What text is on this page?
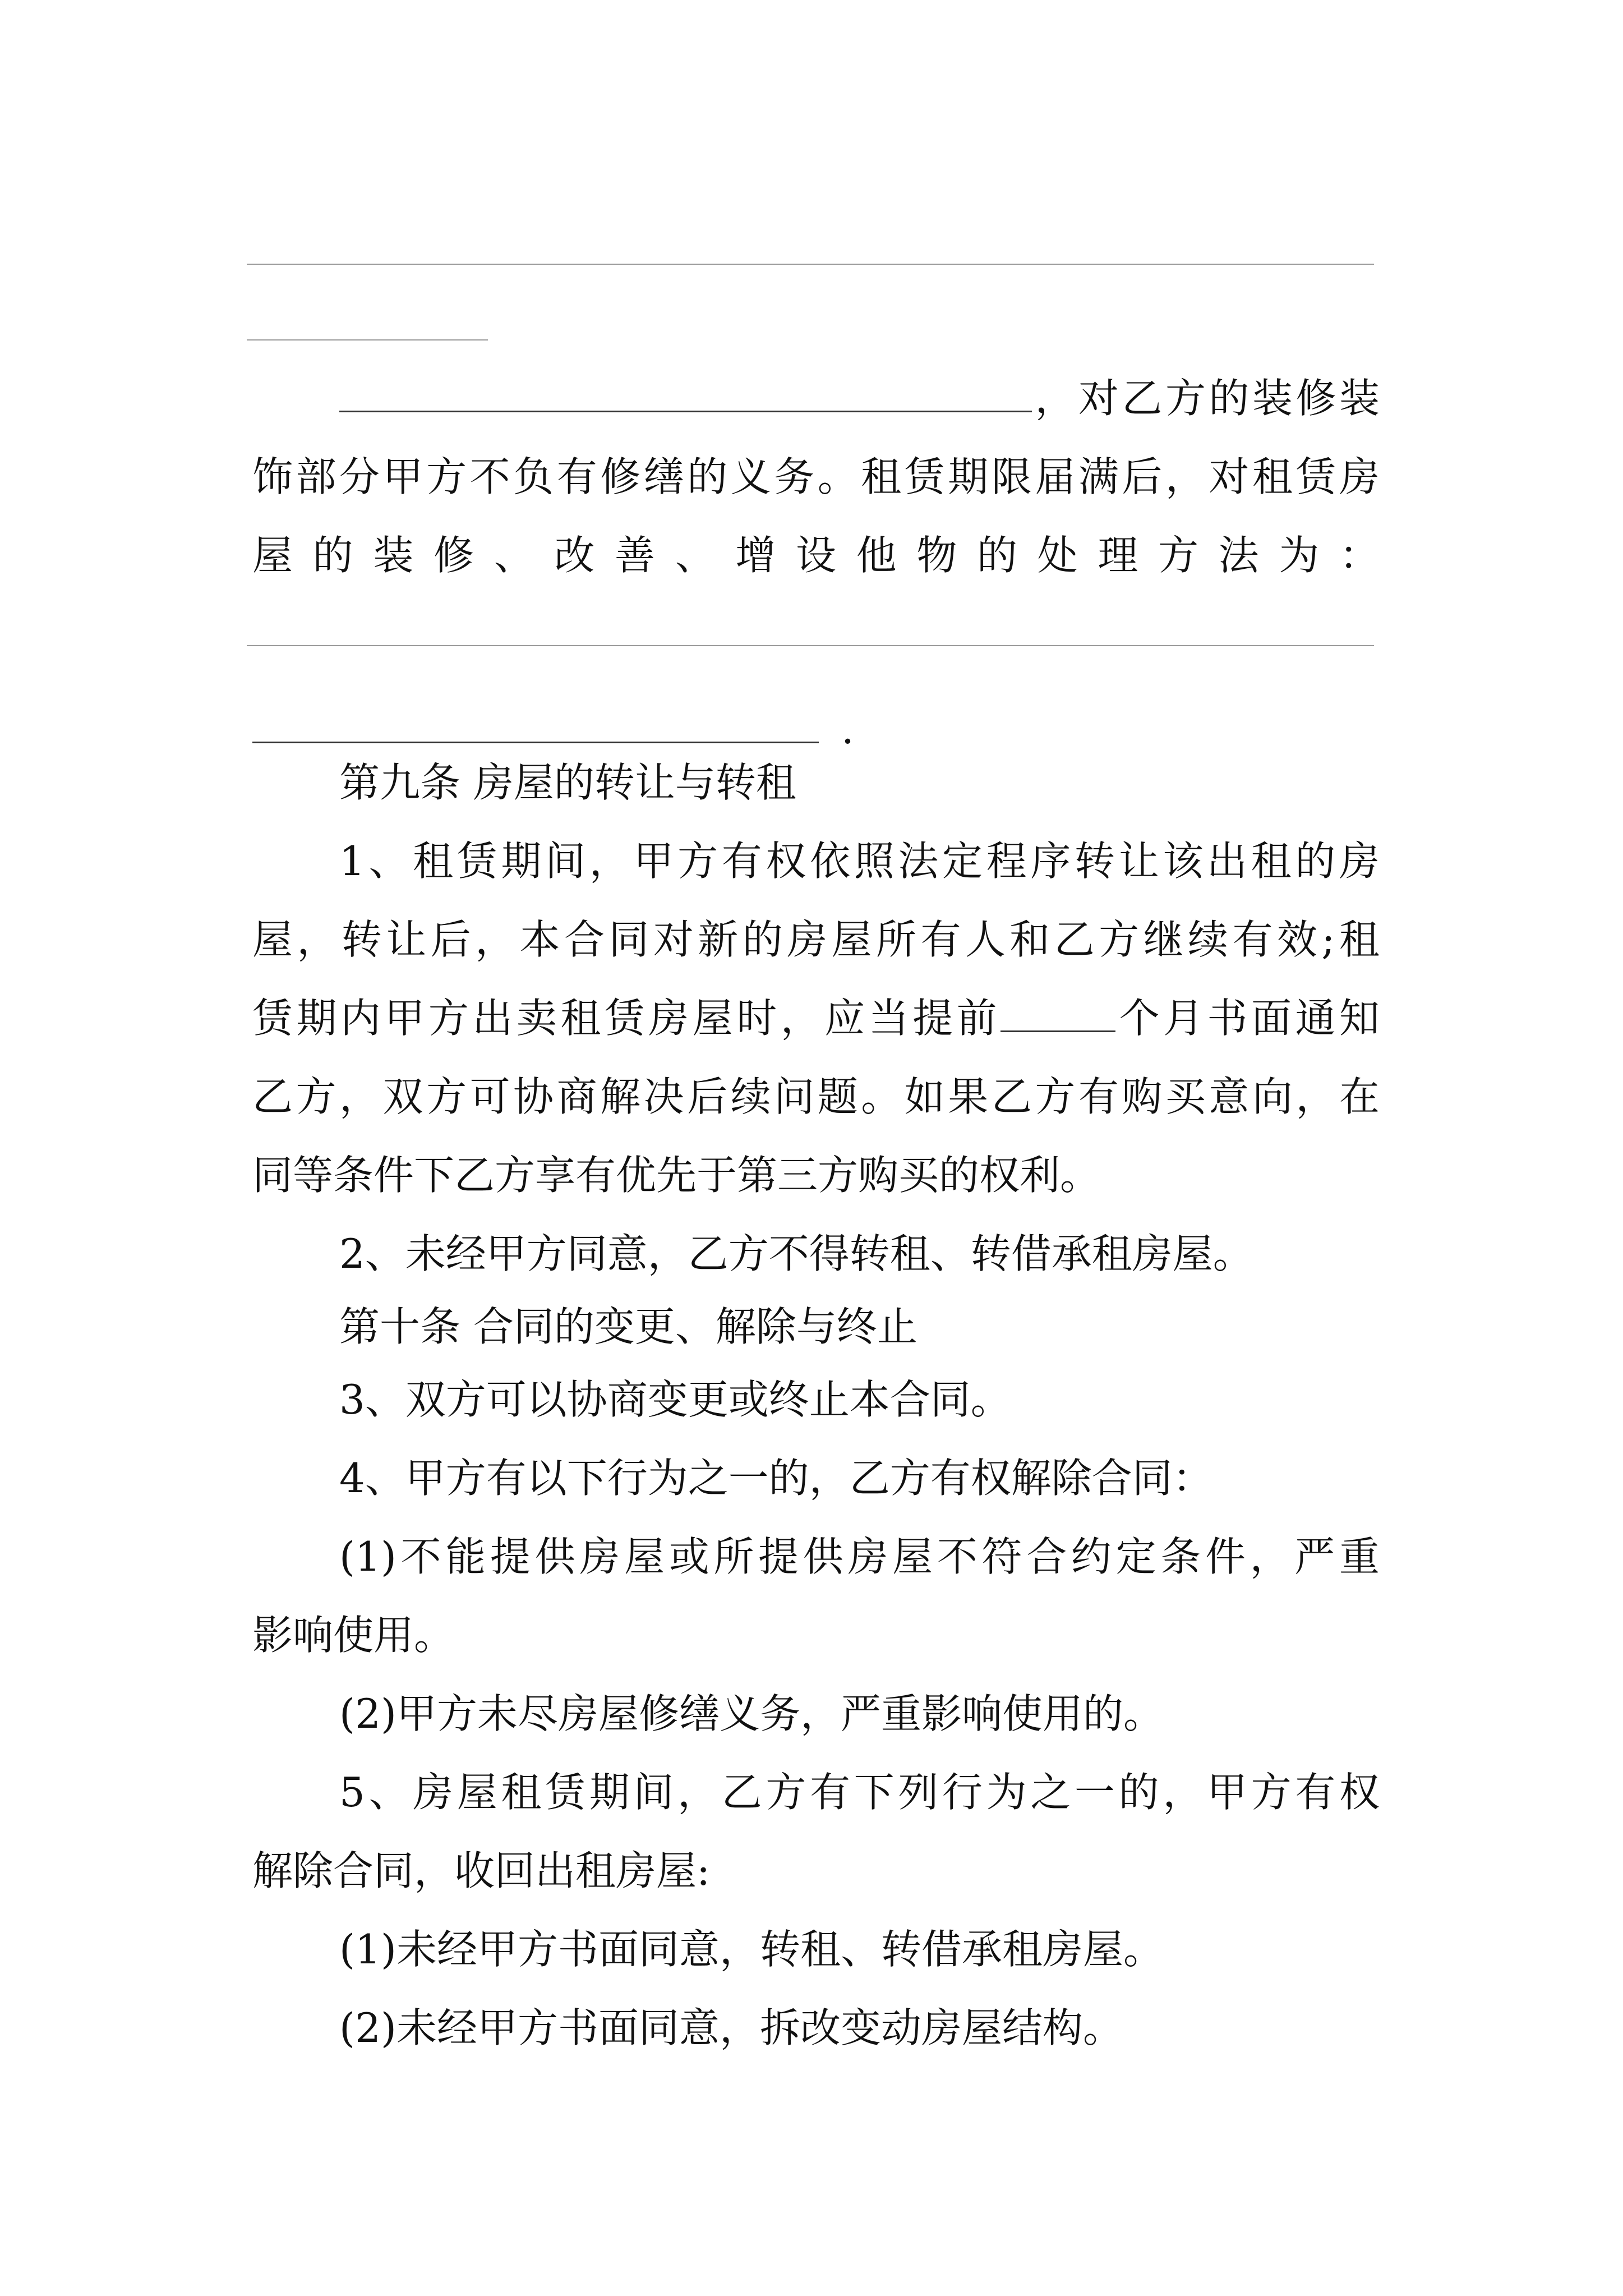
，对乙方的装修装
饰部分甲方不负有修缮的义务。租赁期限届满后，对租赁房
屋的装修、改善、增设他物的处理方法为：
.
第九条 房屋的转让与转租
1、租赁期间，甲方有权依照法定程序转让该出租的房
屋，转让后，本合同对新的房屋所有人和乙方继续有效;租
赁期内甲方出卖租赁房屋时，应当提前	个月书面通知
乙方，双方可协商解决后续问题。如果乙方有购买意向，在
同等条件下乙方享有优先于第三方购买的权利。
2、未经甲方同意，乙方不得转租、转借承租房屋。
第十条 合同的变更、解除与终止
3、双方可以协商变更或终止本合同。
4、甲方有以下行为之一的，乙方有权解除合同：
(1)不能提供房屋或所提供房屋不符合约定条件，严重
影响使用。
(2)甲方未尽房屋修缮义务，严重影响使用的。
5、房屋租赁期间，乙方有下列行为之一的，甲方有权
解除合同，收回出租房屋:
(1)未经甲方书面同意，转租、转借承租房屋。
(2)未经甲方书面同意，拆改变动房屋结构。
